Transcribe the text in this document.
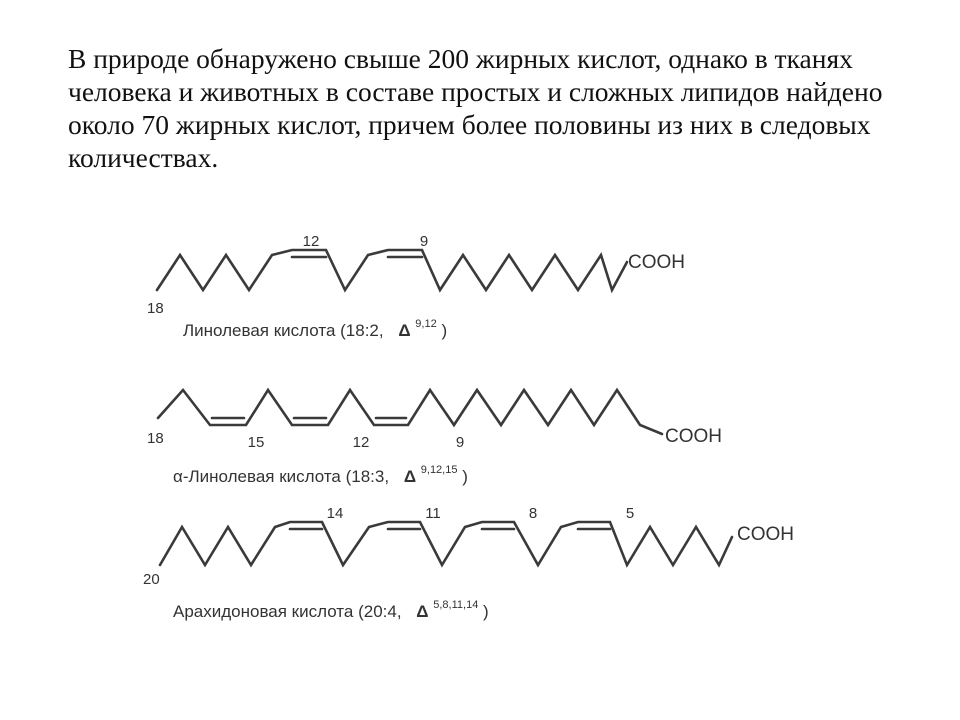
В природе обнаружено свыше 200 жирных кислот, однако в тканях человека и животных в составе простых и сложных липидов найдено около 70 жирных кислот, причем более половины из них в следовых количествах.

COOH
18
12	9
Линолевая кислота (18:2, Δ $^{9,12}$ )
COOH
18	15	12	9
α-Линолевая кислота (18:3, Δ $^{9,12,15}$ )
COOH
20
14	11	8	5
Арахидоновая кислота (20:4, Δ $^{5,8,11,14}$ )
